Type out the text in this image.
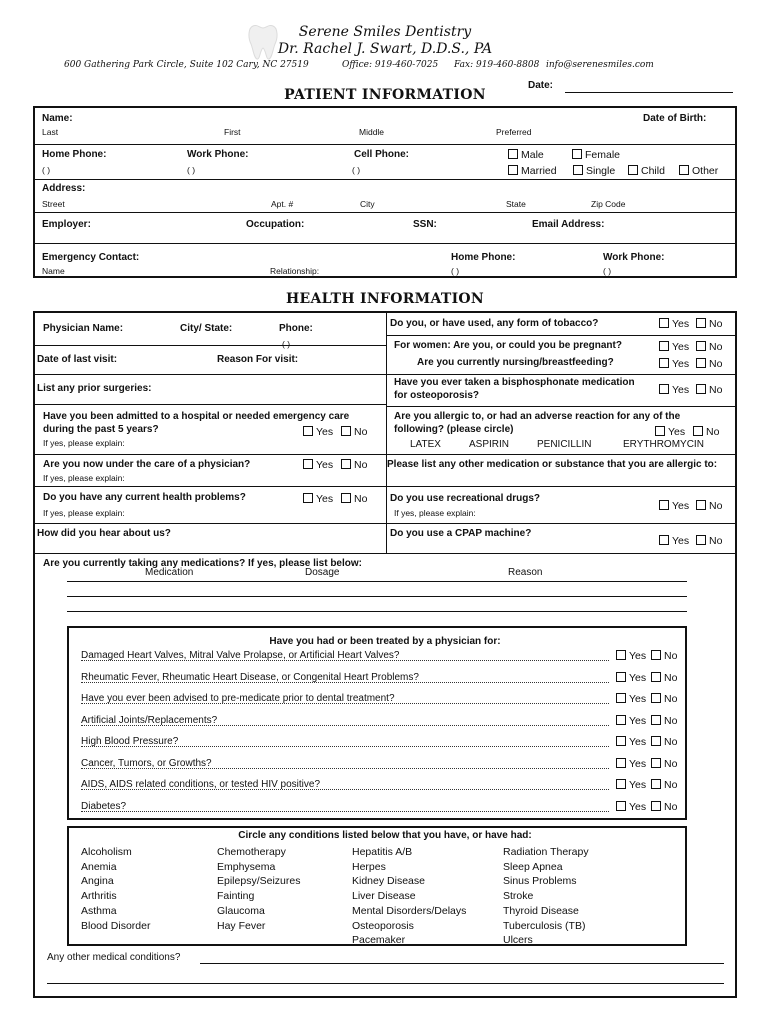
Serene Smiles Dentistry
Dr. Rachel J. Swart, D.D.S., PA
600 Gathering Park Circle, Suite 102 Cary, NC 27519	Office: 919-460-7025 Fax: 919-460-8808 info@serenesmiles.com
Date:
PATIENT INFORMATION
Name:	Date of Birth:
Last	First	Middle	Preferred
Home Phone:	Work Phone:	Cell Phone:
( )	( )	( )
Male	Female
Married	Single	Child	Other
Address:
Street	Apt. #	City	State	Zip Code
Employer:	Occupation:	SSN:	Email Address:
Emergency Contact:	Home Phone:	Work Phone:
Name	Relationship:	( )	( )
HEALTH INFORMATION
Physician Name:	City/ State:	Phone:
( )
Date of last visit:	Reason For visit:
List any prior surgeries:
Have you been admitted to a hospital or needed emergency care
during the past 5 years?
If yes, please explain:
Yes	No
Are you now under the care of a physician?
If yes, please explain:
Yes	No
Do you have any current health problems?
If yes, please explain:
Yes	No
How did you hear about us?
Do you, or have used, any form of tobacco?	Yes	No
For women: Are you, or could you be pregnant?	Yes	No
Are you currently nursing/breastfeeding?	Yes	No
Have you ever taken a bisphosphonate medication
for osteoporosis?	Yes	No
Are you allergic to, or had an adverse reaction for any of the
following? (please circle)	Yes	No
LATEX	ASPIRIN	PENICILLIN	ERYTHROMYCIN
Please list any other medication or substance that you are allergic to:
Do you use recreational drugs?
If yes, please explain:
Yes	No
Do you use a CPAP machine?
Yes	No
Are you currently taking any medications? If yes, please list below:
Medication	Dosage	Reason
Have you had or been treated by a physician for:
Damaged Heart Valves, Mitral Valve Prolapse, or Artificial Heart Valves?	Yes	No
Rheumatic Fever, Rheumatic Heart Disease, or Congenital Heart Problems?	Yes	No
Have you ever been advised to pre-medicate prior to dental treatment?	Yes	No
Artificial Joints/Replacements?	Yes	No
High Blood Pressure?	Yes	No
Cancer, Tumors, or Growths?	Yes	No
AIDS, AIDS related conditions, or tested HIV positive?	Yes	No
Diabetes?	Yes	No
Circle any conditions listed below that you have, or have had:
Alcoholism
Anemia
Angina
Arthritis
Asthma
Blood Disorder
Chemotherapy
Emphysema
Epilepsy/Seizures
Fainting
Glaucoma
Hay Fever
Hepatitis A/B
Herpes
Kidney Disease
Liver Disease
Mental Disorders/Delays
Osteoporosis
Pacemaker
Radiation Therapy
Sleep Apnea
Sinus Problems
Stroke
Thyroid Disease
Tuberculosis (TB)
Ulcers
Any other medical conditions?
